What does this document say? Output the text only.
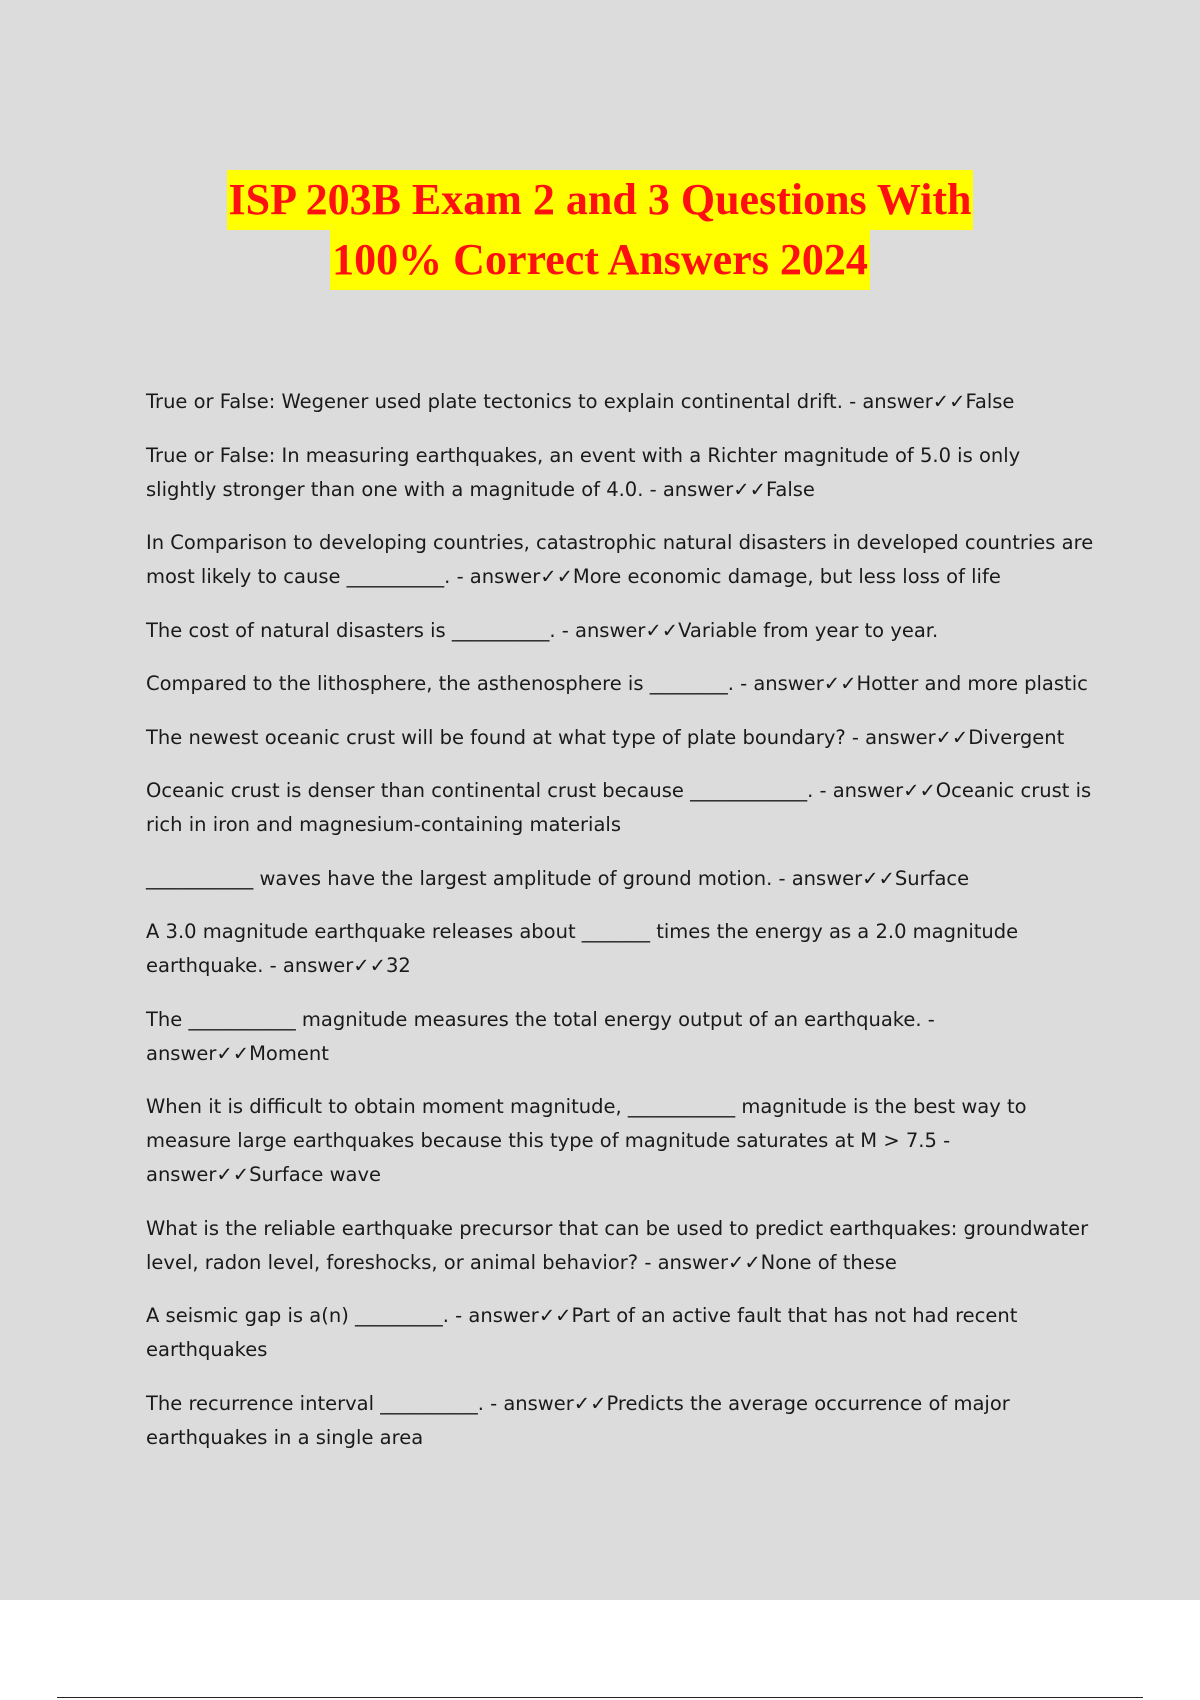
ISP 203B Exam 2 and 3 Questions With
100% Correct Answers 2024

True or False: Wegener used plate tectonics to explain continental drift. - answer✓✓False

True or False: In measuring earthquakes, an event with a Richter magnitude of 5.0 is only slightly stronger than one with a magnitude of 4.0. - answer✓✓False

In Comparison to developing countries, catastrophic natural disasters in developed countries are most likely to cause __________. - answer✓✓More economic damage, but less loss of life

The cost of natural disasters is __________. - answer✓✓Variable from year to year.

Compared to the lithosphere, the asthenosphere is ________. - answer✓✓Hotter and more plastic

The newest oceanic crust will be found at what type of plate boundary? - answer✓✓Divergent

Oceanic crust is denser than continental crust because ____________. - answer✓✓Oceanic crust is rich in iron and magnesium-containing materials

___________ waves have the largest amplitude of ground motion. - answer✓✓Surface

A 3.0 magnitude earthquake releases about _______ times the energy as a 2.0 magnitude earthquake. - answer✓✓32

The ___________ magnitude measures the total energy output of an earthquake. - answer✓✓Moment

When it is difficult to obtain moment magnitude, ___________ magnitude is the best way to measure large earthquakes because this type of magnitude saturates at M > 7.5 - answer✓✓Surface wave

What is the reliable earthquake precursor that can be used to predict earthquakes: groundwater level, radon level, foreshocks, or animal behavior? - answer✓✓None of these

A seismic gap is a(n) _________. - answer✓✓Part of an active fault that has not had recent earthquakes

The recurrence interval __________. - answer✓✓Predicts the average occurrence of major earthquakes in a single area
